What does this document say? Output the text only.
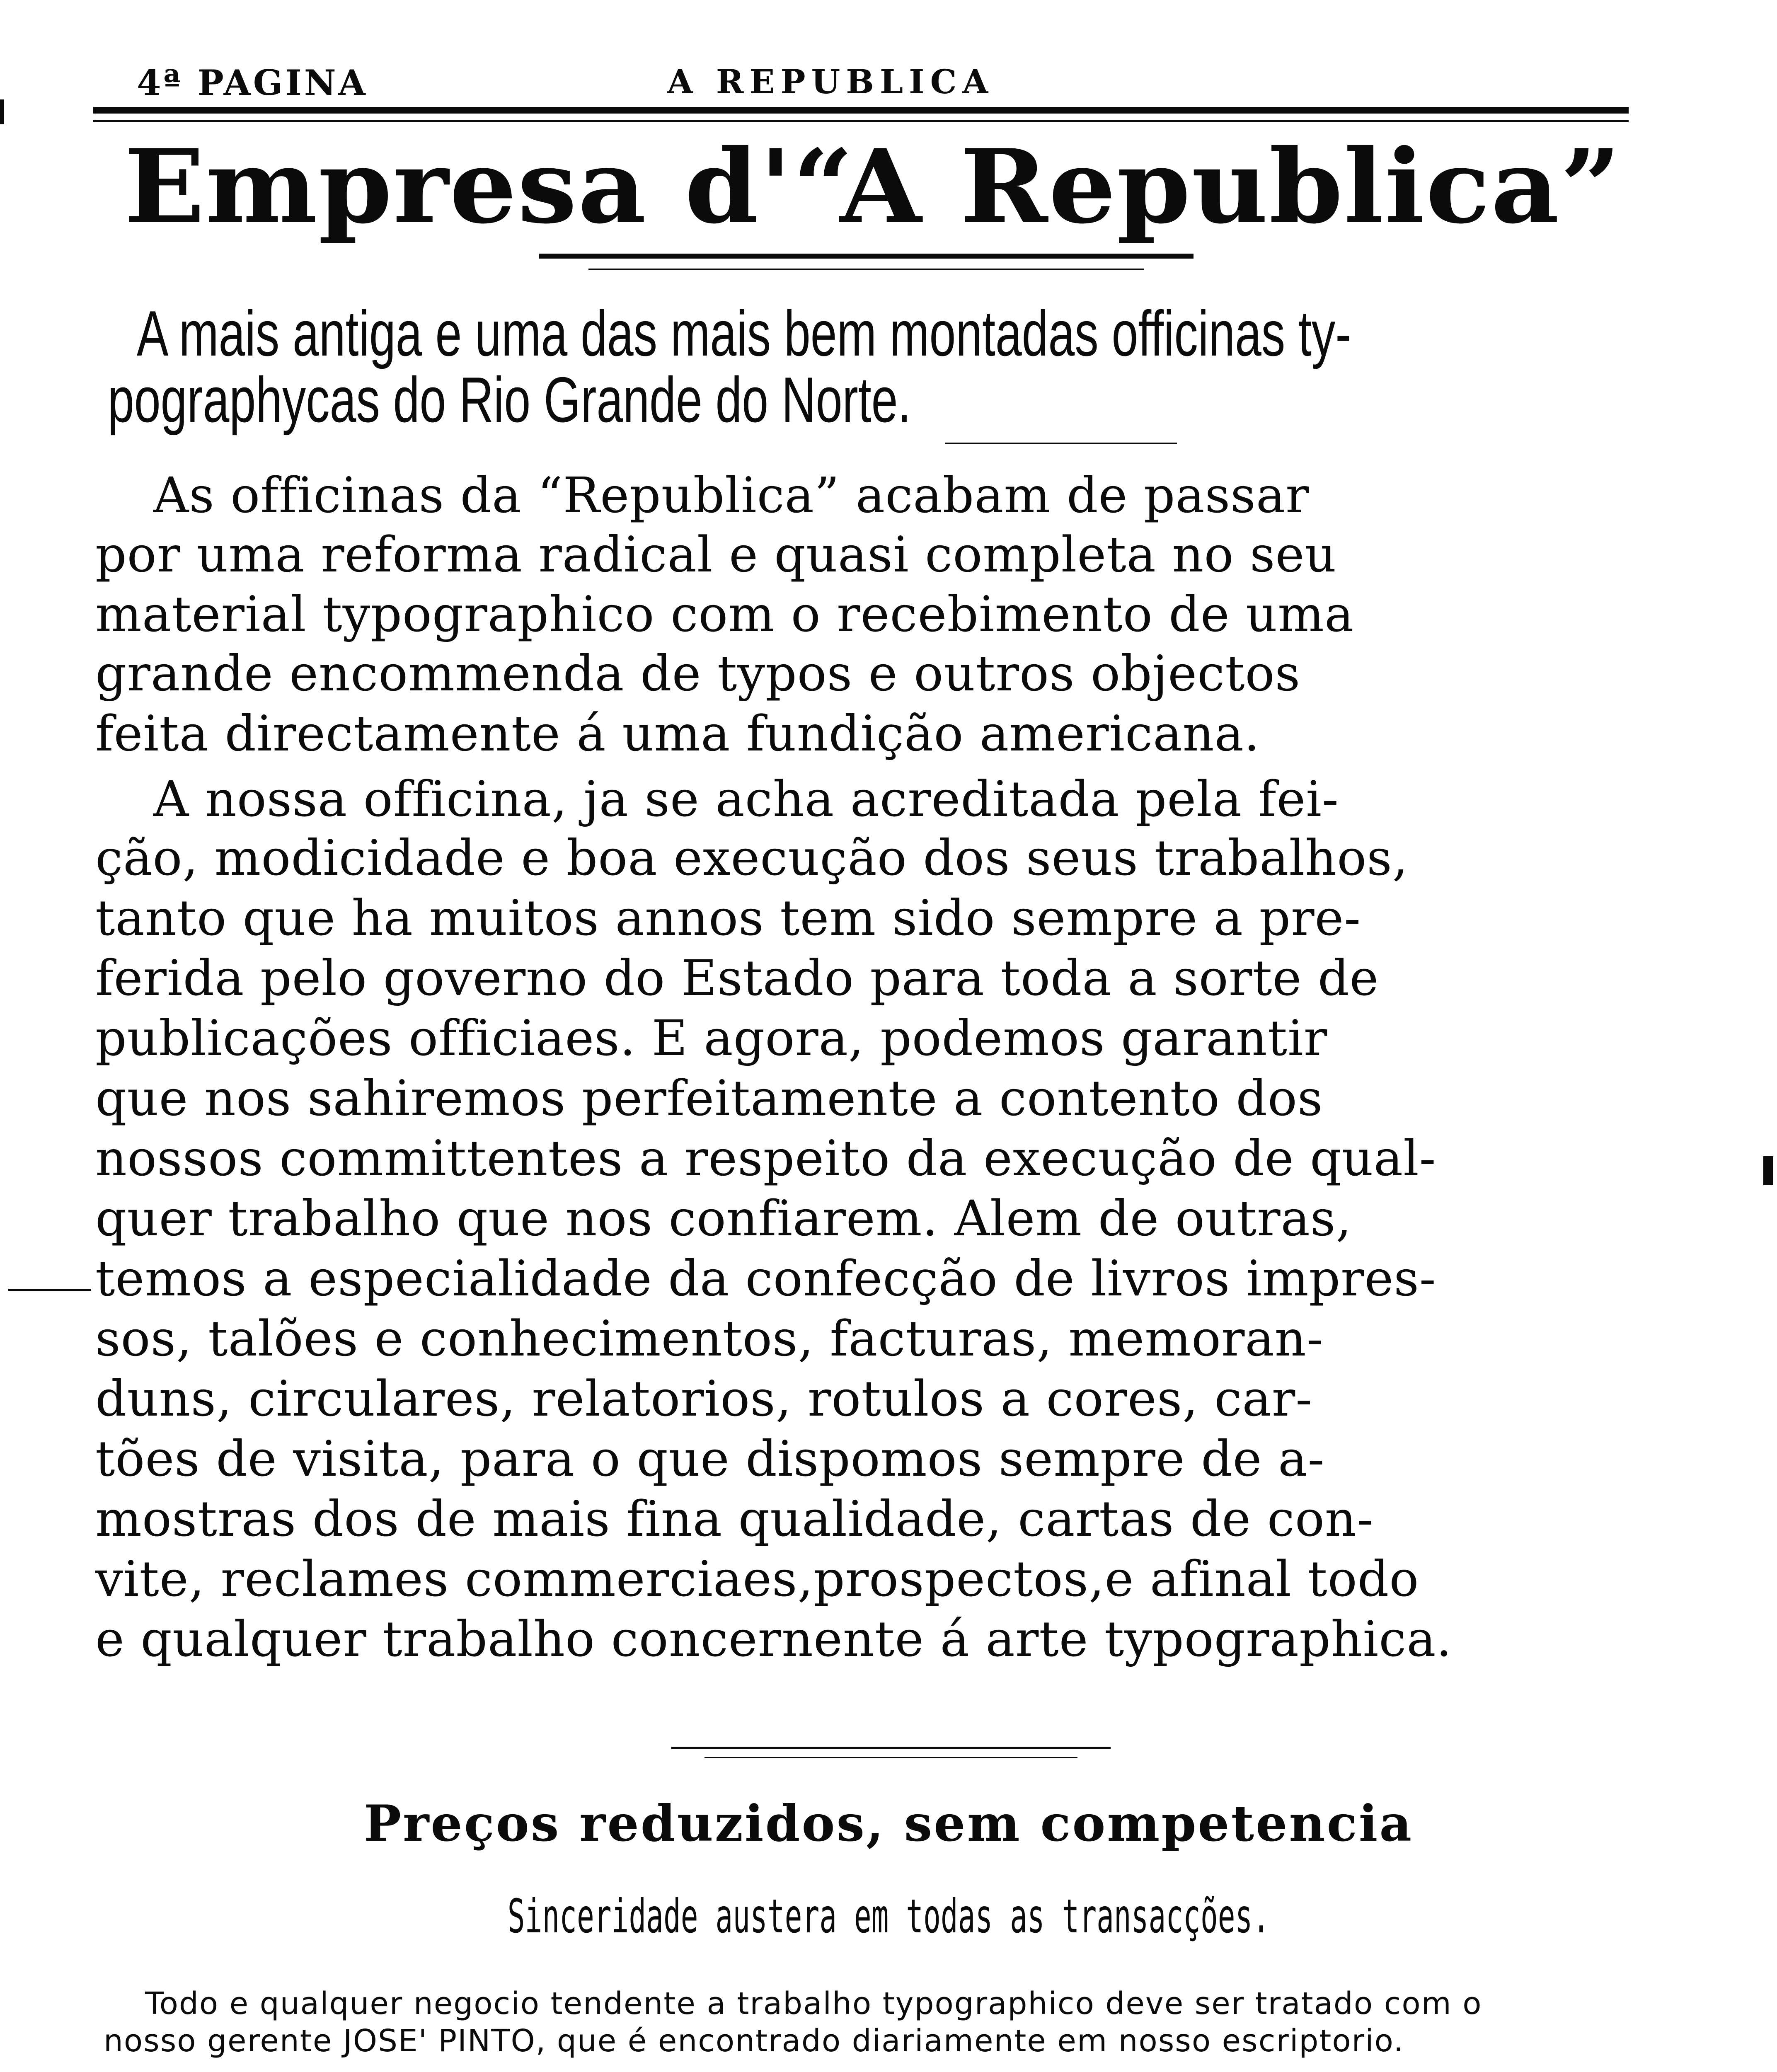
4ª PAGINA	A REPUBLICA
Empresa d'“A Republica”
A mais antiga e uma das mais bem montadas officinas ty-
pographycas do Rio Grande do Norte.
As officinas da “Republica” acabam de passar
por uma reforma radical e quasi completa no seu
material typographico com o recebimento de uma
grande encommenda de typos e outros objectos
feita directamente á uma fundição americana.
A nossa officina, ja se acha acreditada pela fei-
ção, modicidade e boa execução dos seus trabalhos,
tanto que ha muitos annos tem sido sempre a pre-
ferida pelo governo do Estado para toda a sorte de
publicações officiaes. E agora, podemos garantir
que nos sahiremos perfeitamente a contento dos
nossos committentes a respeito da execução de qual-
quer trabalho que nos confiarem. Alem de outras,
temos a especialidade da confecção de livros impres-
sos, talões e conhecimentos, facturas, memoran-
duns, circulares, relatorios, rotulos a cores, car-
tões de visita, para o que dispomos sempre de a-
mostras dos de mais fina qualidade, cartas de con-
vite, reclames commerciaes,prospectos,e afinal todo
e qualquer trabalho concernente á arte typographica.
Preços reduzidos, sem competencia
Sinceridade austera em todas as transacções.
Todo e qualquer negocio tendente a trabalho typographico deve ser tratado com o
nosso gerente JOSE' PINTO, que é encontrado diariamente em nosso escriptorio.
